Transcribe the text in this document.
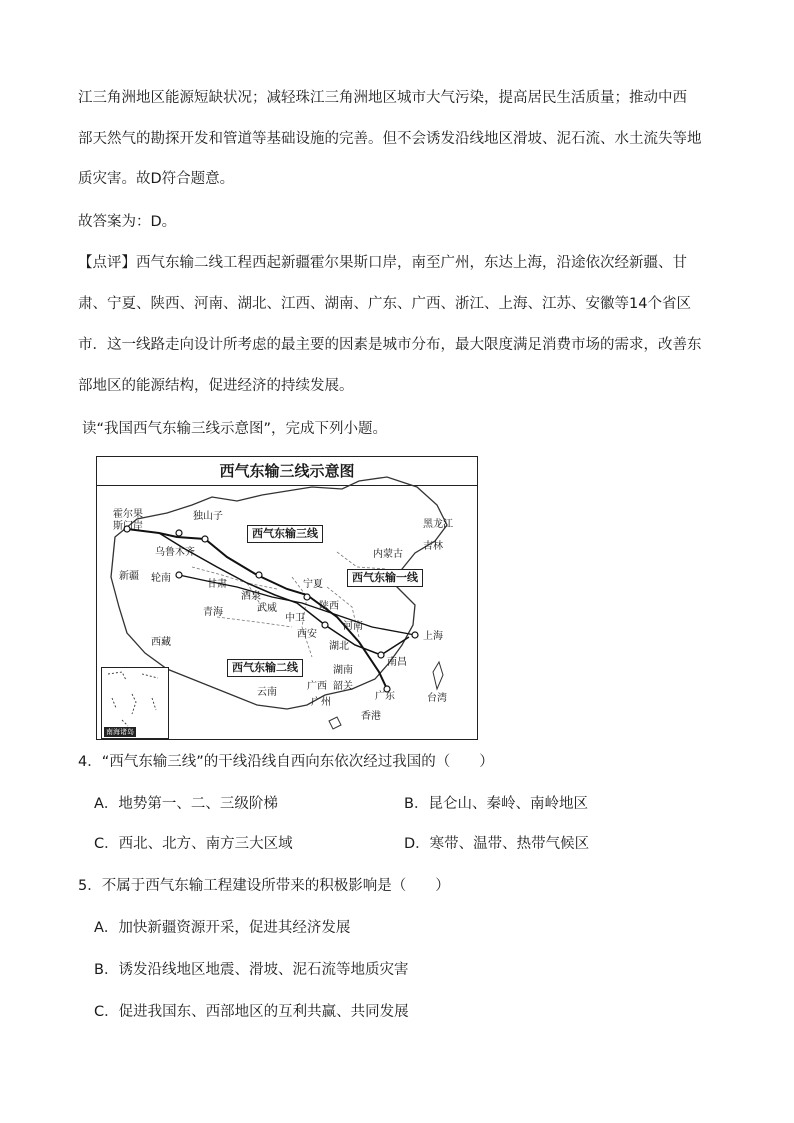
江三角洲地区能源短缺状况；减轻珠江三角洲地区城市大气污染，提高居民生活质量；推动中西
部天然气的勘探开发和管道等基础设施的完善。但不会诱发沿线地区滑坡、泥石流、水土流失等地
质灾害。故D符合题意。
故答案为：D。
【点评】西气东输二线工程西起新疆霍尔果斯口岸，南至广州，东达上海，沿途依次经新疆、甘
肃、宁夏、陕西、河南、湖北、江西、湖南、广东、广西、浙江、上海、江苏、安徽等14个省区
市．这一线路走向设计所考虑的最主要的因素是城市分布，最大限度满足消费市场的需求，改善东
部地区的能源结构，促进经济的持续发展。
读“我国西气东输三线示意图”，完成下列小题。
西气东输三线示意图
西气东输三线
西气东输一线
西气东输二线
霍尔果
斯门岸
独山子
乌鲁木齐
新疆 轮南
甘肃
酒泉
青海	武威
中卫
宁夏
陕西
西安
河南
湖北
湖南
南昌
上海
西藏
内蒙古
黑龙江
吉林
云南
广西 韶关
广州
广东
香港
台湾
南海诸岛
4．“西气东输三线”的干线沿线自西向东依次经过我国的（　　）
A．地势第一、二、三级阶梯	B．昆仑山、秦岭、南岭地区
C．西北、北方、南方三大区域	D．寒带、温带、热带气候区
5．不属于西气东输工程建设所带来的积极影响是（　　）
A．加快新疆资源开采，促进其经济发展
B．诱发沿线地区地震、滑坡、泥石流等地质灾害
C．促进我国东、西部地区的互利共赢、共同发展
